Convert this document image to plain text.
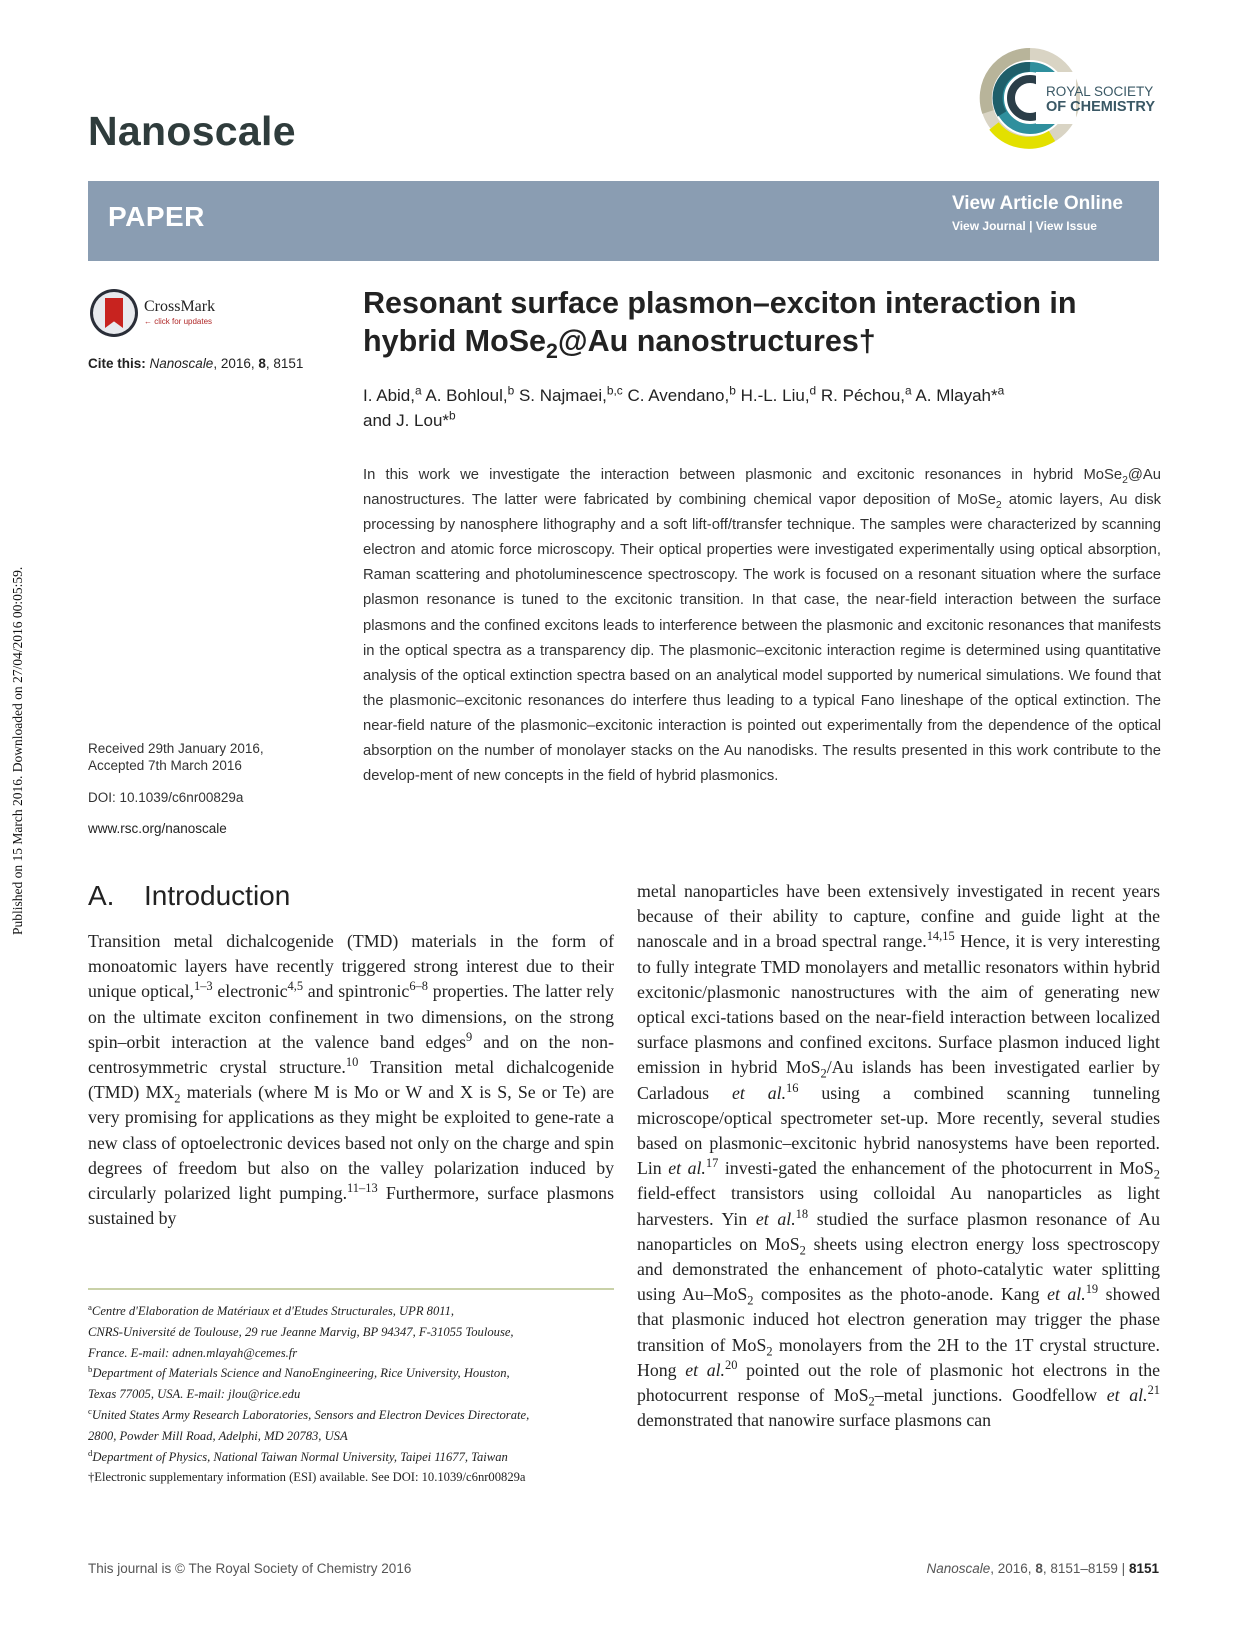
Published on 15 March 2016. Downloaded on 27/04/2016 00:05:59.
Nanoscale
ROYAL SOCIETY
OF CHEMISTRY
PAPER	View Article Online
View Journal | View Issue
CrossMark
← click for updates
Cite this: Nanoscale, 2016, 8, 8151
Resonant surface plasmon–exciton interaction in
hybrid MoSe$_2$@Au nanostructures†
I. Abid,$^a$ A. Bohloul,$^b$ S. Najmaei,$^{b,c}$ C. Avendano,$^b$ H.-L. Liu,$^d$ R. Péchou,$^a$ A. Mlayah*$^a$
and J. Lou*$^b$
In this work we investigate the interaction between plasmonic and excitonic resonances in hybrid MoSe$_2$@Au nanostructures. The latter were fabricated by combining chemical vapor deposition of MoSe$_2$ atomic layers, Au disk processing by nanosphere lithography and a soft lift-off/transfer technique. The samples were characterized by scanning electron and atomic force microscopy. Their optical properties were investigated experimentally using optical absorption, Raman scattering and photoluminescence spectroscopy. The work is focused on a resonant situation where the surface plasmon resonance is tuned to the excitonic transition. In that case, the near-field interaction between the surface plasmons and the confined excitons leads to interference between the plasmonic and excitonic resonances that manifests in the optical spectra as a transparency dip. The plasmonic–excitonic interaction regime is determined using quantitative analysis of the optical extinction spectra based on an analytical model supported by numerical simulations. We found that the plasmonic–excitonic resonances do interfere thus leading to a typical Fano lineshape of the optical extinction. The near-field nature of the plasmonic–excitonic interaction is pointed out experimentally from the dependence of the optical absorption on the number of monolayer stacks on the Au nanodisks. The results presented in this work contribute to the develop-ment of new concepts in the field of hybrid plasmonics.
Received 29th January 2016,
Accepted 7th March 2016
DOI: 10.1039/c6nr00829a
www.rsc.org/nanoscale
A. Introduction
Transition metal dichalcogenide (TMD) materials in the form of monoatomic layers have recently triggered strong interest due to their unique optical,$^{1-3}$ electronic$^{4,5}$ and spintronic$^{6-8}$ properties. The latter rely on the ultimate exciton confinement in two dimensions, on the strong spin–orbit interaction at the valence band edges$^9$ and on the non-centrosymmetric crystal structure.$^{10}$ Transition metal dichalcogenide (TMD) $MX_2$ materials (where M is Mo or W and X is S, Se or Te) are very promising for applications as they might be exploited to gene-rate a new class of optoelectronic devices based not only on the charge and spin degrees of freedom but also on the valley polarization induced by circularly polarized light pumping.$^{11-13}$ Furthermore, surface plasmons sustained by
metal nanoparticles have been extensively investigated in recent years because of their ability to capture, confine and guide light at the nanoscale and in a broad spectral range.$^{14,15}$ Hence, it is very interesting to fully integrate TMD monolayers and metallic resonators within hybrid excitonic/plasmonic nanostructures with the aim of generating new optical exci-tations based on the near-field interaction between localized surface plasmons and confined excitons. Surface plasmon induced light emission in hybrid MoS$_2$/Au islands has been investigated earlier by Carladous et al.$^{16}$ using a combined scanning tunneling microscope/optical spectrometer set-up. More recently, several studies based on plasmonic–excitonic hybrid nanosystems have been reported. Lin et al.$^{17}$ investi-gated the enhancement of the photocurrent in MoS$_2$ field-effect transistors using colloidal Au nanoparticles as light harvesters. Yin et al.$^{18}$ studied the surface plasmon resonance of Au nanoparticles on MoS$_2$ sheets using electron energy loss spectroscopy and demonstrated the enhancement of photo-catalytic water splitting using Au–MoS$_2$ composites as the photo-anode. Kang et al.$^{19}$ showed that plasmonic induced hot electron generation may trigger the phase transition of MoS$_2$ monolayers from the 2H to the 1T crystal structure. Hong et al.$^{20}$ pointed out the role of plasmonic hot electrons in the photocurrent response of MoS$_2$–metal junctions. Goodfellow et al.$^{21}$ demonstrated that nanowire surface plasmons can
$^a$Centre d'Elaboration de Matériaux et d'Etudes Structurales, UPR 8011,
CNRS-Université de Toulouse, 29 rue Jeanne Marvig, BP 94347, F-31055 Toulouse,
France. E-mail: adnen.mlayah@cemes.fr
$^b$Department of Materials Science and NanoEngineering, Rice University, Houston,
Texas 77005, USA. E-mail: jlou@rice.edu
$^c$United States Army Research Laboratories, Sensors and Electron Devices Directorate,
2800, Powder Mill Road, Adelphi, MD 20783, USA
$^d$Department of Physics, National Taiwan Normal University, Taipei 11677, Taiwan
†Electronic supplementary information (ESI) available. See DOI: 10.1039/c6nr00829a
This journal is © The Royal Society of Chemistry 2016	Nanoscale, 2016, 8, 8151–8159 | 8151
